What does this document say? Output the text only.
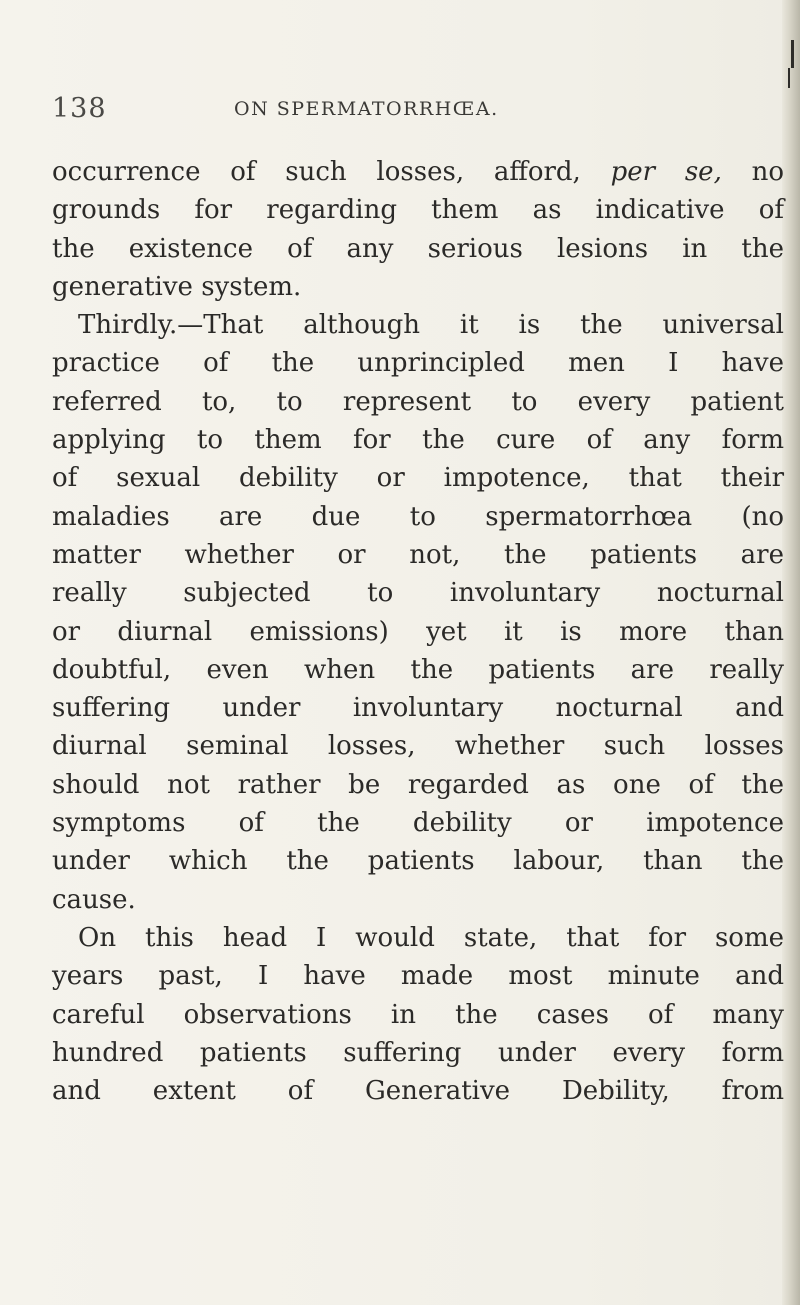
138	ON SPERMATORRHŒA.
occurrence of such losses, afford, per se, no
grounds for regarding them as indicative of
the existence of any serious lesions in the
generative system.
Thirdly.—That although it is the universal
practice of the unprincipled men I have
referred to, to represent to every patient
applying to them for the cure of any form
of sexual debility or impotence, that their
maladies are due to spermatorrhœa (no
matter whether or not, the patients are
really subjected to involuntary nocturnal
or diurnal emissions) yet it is more than
doubtful, even when the patients are really
suffering under involuntary nocturnal and
diurnal seminal losses, whether such losses
should not rather be regarded as one of the
symptoms of the debility or impotence
under which the patients labour, than the
cause.
On this head I would state, that for some
years past, I have made most minute and
careful observations in the cases of many
hundred patients suffering under every form
and extent of Generative Debility, from
